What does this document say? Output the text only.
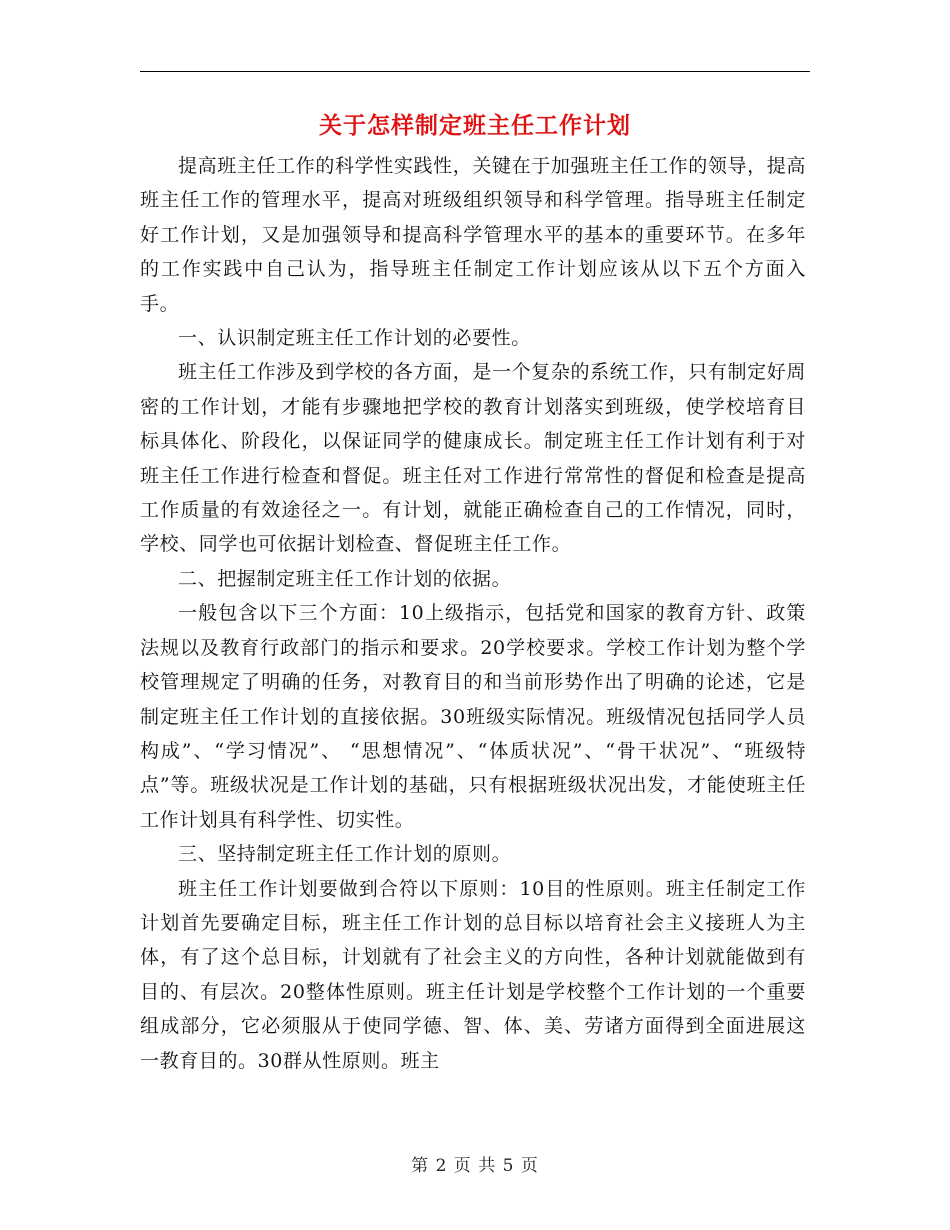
关于怎样制定班主任工作计划

提高班主任工作的科学性实践性，关键在于加强班主任工作的领导，提高班主任工作的管理水平，提高对班级组织领导和科学管理。指导班主任制定好工作计划，又是加强领导和提高科学管理水平的基本的重要环节。在多年的工作实践中自己认为，指导班主任制定工作计划应该从以下五个方面入手。

一、认识制定班主任工作计划的必要性。

班主任工作涉及到学校的各方面，是一个复杂的系统工作，只有制定好周密的工作计划，才能有步骤地把学校的教育计划落实到班级，使学校培育目标具体化、阶段化，以保证同学的健康成长。制定班主任工作计划有利于对班主任工作进行检查和督促。班主任对工作进行常常性的督促和检查是提高工作质量的有效途径之一。有计划，就能正确检查自己的工作情况，同时，学校、同学也可依据计划检查、督促班主任工作。

二、把握制定班主任工作计划的依据。

一般包含以下三个方面：10上级指示，包括党和国家的教育方针、政策法规以及教育行政部门的指示和要求。20学校要求。学校工作计划为整个学校管理规定了明确的任务，对教育目的和当前形势作出了明确的论述，它是制定班主任工作计划的直接依据。30班级实际情况。班级情况包括同学人员构成”、“学习情况”、 “思想情况”、“体质状况”、“骨干状况”、“班级特点”等。班级状况是工作计划的基础，只有根据班级状况出发，才能使班主任工作计划具有科学性、切实性。

三、坚持制定班主任工作计划的原则。

班主任工作计划要做到合符以下原则：10目的性原则。班主任制定工作计划首先要确定目标，班主任工作计划的总目标以培育社会主义接班人为主体，有了这个总目标，计划就有了社会主义的方向性，各种计划就能做到有目的、有层次。20整体性原则。班主任计划是学校整个工作计划的一个重要组成部分，它必须服从于使同学德、智、体、美、劳诸方面得到全面进展这一教育目的。30群从性原则。班主

第 2 页 共 5 页
